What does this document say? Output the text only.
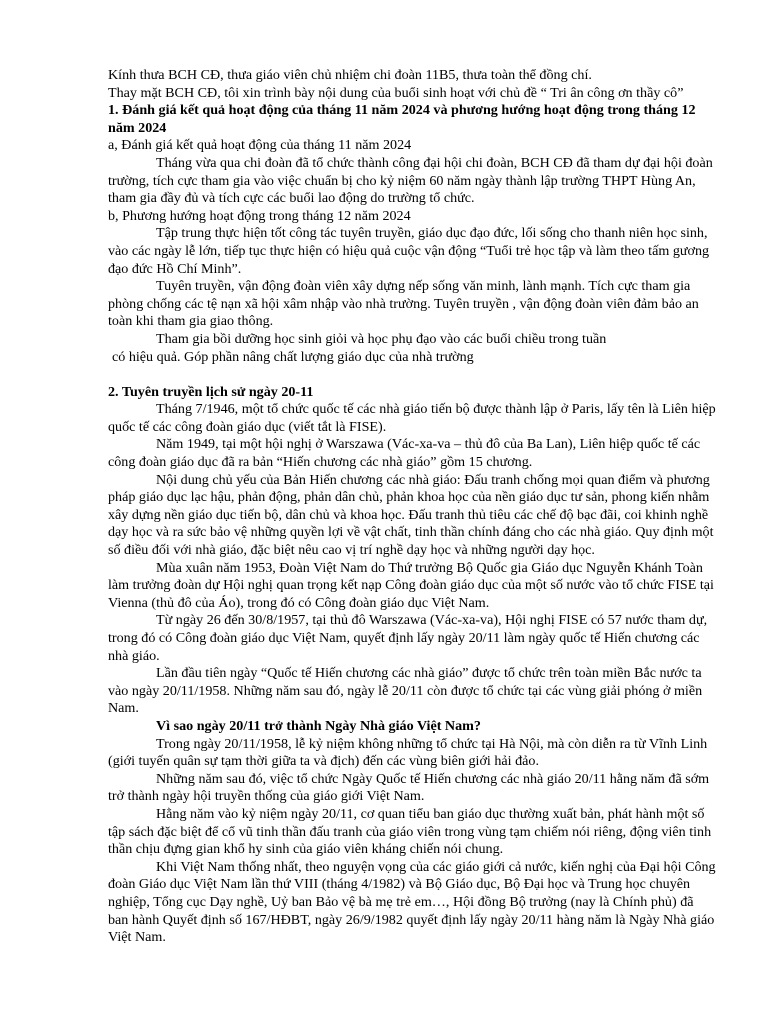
Kính thưa BCH CĐ, thưa giáo viên chủ nhiệm chi đoàn 11B5, thưa toàn thể đồng chí.

Thay mặt BCH CĐ, tôi xin trình bày nội dung của buổi sinh hoạt với chủ đề “ Tri ân công ơn thầy cô”

1. Đánh giá kết quả hoạt động của tháng 11 năm 2024 và phương hướng hoạt động trong tháng 12 năm 2024

a, Đánh giá kết quả hoạt động của tháng 11 năm 2024

Tháng vừa qua chi đoàn đã tổ chức thành công đại hội chi đoàn, BCH CĐ đã tham dự đại hội đoàn trường, tích cực tham gia vào việc chuẩn bị cho kỷ niệm 60 năm ngày thành lập trường THPT Hùng An, tham gia đầy đủ và tích cực các buổi lao động do trường tổ chức.

b, Phương hướng hoạt động trong tháng 12 năm 2024

Tập trung thực hiện tốt công tác tuyên truyền, giáo dục đạo đức, lối sống cho thanh niên học sinh, vào các ngày lễ lớn, tiếp tục thực hiện có hiệu quả cuộc vận động “Tuổi trẻ học tập và làm theo tấm gương đạo đức Hồ Chí Minh”.

Tuyên truyền, vận động đoàn viên xây dựng nếp sống văn minh, lành mạnh. Tích cực tham gia phòng chống các tệ nạn xã hội xâm nhập vào nhà trường. Tuyên truyền , vận động đoàn viên đảm bảo an toàn khi tham gia giao thông.

Tham gia bồi dưỡng học sinh giỏi và học phụ đạo vào các buổi chiều trong tuần

có hiệu quả. Góp phần nâng chất lượng giáo dục của nhà trường

2. Tuyên truyền lịch sử ngày 20-11

Tháng 7/1946, một tổ chức quốc tế các nhà giáo tiến bộ được thành lập ở Paris, lấy tên là Liên hiệp quốc tế các công đoàn giáo dục (viết tắt là FISE).

Năm 1949, tại một hội nghị ở Warszawa (Vác-xa-va – thủ đô của Ba Lan), Liên hiệp quốc tế các công đoàn giáo dục đã ra bản “Hiến chương các nhà giáo” gồm 15 chương.

Nội dung chủ yếu của Bản Hiến chương các nhà giáo: Đấu tranh chống mọi quan điểm và phương pháp giáo dục lạc hậu, phản động, phản dân chủ, phản khoa học của nền giáo dục tư sản, phong kiến nhằm xây dựng nền giáo dục tiến bộ, dân chủ và khoa học. Đấu tranh thủ tiêu các chế độ bạc đãi, coi khinh nghề dạy học và ra sức bảo vệ những quyền lợi về vật chất, tinh thần chính đáng cho các nhà giáo. Quy định một số điều đối với nhà giáo, đặc biệt nêu cao vị trí nghề dạy học và những người dạy học.

Mùa xuân năm 1953, Đoàn Việt Nam do Thứ trưởng Bộ Quốc gia Giáo dục Nguyễn Khánh Toàn làm trưởng đoàn dự Hội nghị quan trọng kết nạp Công đoàn giáo dục của một số nước vào tổ chức FISE tại Vienna (thủ đô của Áo), trong đó có Công đoàn giáo dục Việt Nam.

Từ ngày 26 đến 30/8/1957, tại thủ đô Warszawa (Vác-xa-va), Hội nghị FISE có 57 nước tham dự, trong đó có Công đoàn giáo dục Việt Nam, quyết định lấy ngày 20/11 làm ngày quốc tế Hiến chương các nhà giáo.

Lần đầu tiên ngày “Quốc tế Hiến chương các nhà giáo” được tổ chức trên toàn miền Bắc nước ta vào ngày 20/11/1958. Những năm sau đó, ngày lễ 20/11 còn được tổ chức tại các vùng giải phóng ở miền Nam.

Vì sao ngày 20/11 trở thành Ngày Nhà giáo Việt Nam?

Trong ngày 20/11/1958, lễ kỷ niệm không những tổ chức tại Hà Nội, mà còn diễn ra từ Vĩnh Linh (giới tuyến quân sự tạm thời giữa ta và địch) đến các vùng biên giới hải đảo.

Những năm sau đó, việc tổ chức Ngày Quốc tế Hiến chương các nhà giáo 20/11 hằng năm đã sớm trở thành ngày hội truyền thống của giáo giới Việt Nam.

Hằng năm vào kỷ niệm ngày 20/11, cơ quan tiểu ban giáo dục thường xuất bản, phát hành một số tập sách đặc biệt để cổ vũ tinh thần đấu tranh của giáo viên trong vùng tạm chiếm nói riêng, động viên tinh thần chịu đựng gian khổ hy sinh của giáo viên kháng chiến nói chung.

Khi Việt Nam thống nhất, theo nguyện vọng của các giáo giới cả nước, kiến nghị của Đại hội Công đoàn Giáo dục Việt Nam lần thứ VIII (tháng 4/1982) và Bộ Giáo dục, Bộ Đại học và Trung học chuyên nghiệp, Tổng cục Dạy nghề, Uỷ ban Bảo vệ bà mẹ trẻ em…, Hội đồng Bộ trưởng (nay là Chính phủ) đã ban hành Quyết định số 167/HĐBT, ngày 26/9/1982 quyết định lấy ngày 20/11 hàng năm là Ngày Nhà giáo Việt Nam.
